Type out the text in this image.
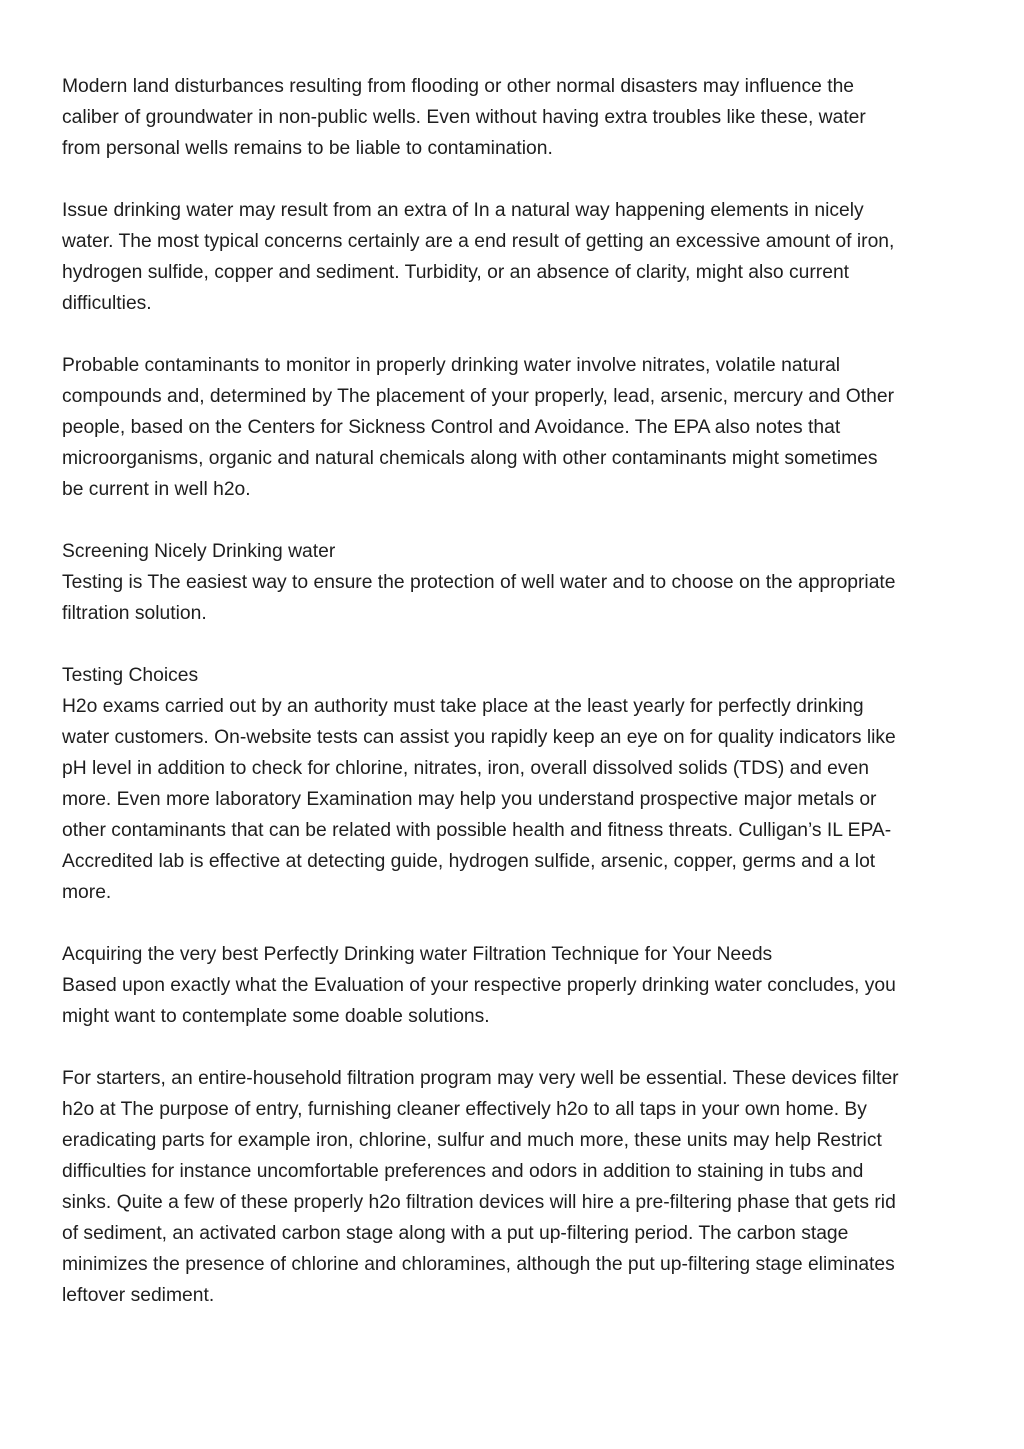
Modern land disturbances resulting from flooding or other normal disasters may influence the
caliber of groundwater in non-public wells. Even without having extra troubles like these, water
from personal wells remains to be liable to contamination.

Issue drinking water may result from an extra of In a natural way happening elements in nicely
water. The most typical concerns certainly are a end result of getting an excessive amount of iron,
hydrogen sulfide, copper and sediment. Turbidity, or an absence of clarity, might also current
difficulties.

Probable contaminants to monitor in properly drinking water involve nitrates, volatile natural
compounds and, determined by The placement of your properly, lead, arsenic, mercury and Other
people, based on the Centers for Sickness Control and Avoidance. The EPA also notes that
microorganisms, organic and natural chemicals along with other contaminants might sometimes
be current in well h2o.

Screening Nicely Drinking water
Testing is The easiest way to ensure the protection of well water and to choose on the appropriate
filtration solution.

Testing Choices
H2o exams carried out by an authority must take place at the least yearly for perfectly drinking
water customers. On-website tests can assist you rapidly keep an eye on for quality indicators like
pH level in addition to check for chlorine, nitrates, iron, overall dissolved solids (TDS) and even
more. Even more laboratory Examination may help you understand prospective major metals or
other contaminants that can be related with possible health and fitness threats. Culligan’s IL EPA-
Accredited lab is effective at detecting guide, hydrogen sulfide, arsenic, copper, germs and a lot
more.

Acquiring the very best Perfectly Drinking water Filtration Technique for Your Needs
Based upon exactly what the Evaluation of your respective properly drinking water concludes, you
might want to contemplate some doable solutions.

For starters, an entire-household filtration program may very well be essential. These devices filter
h2o at The purpose of entry, furnishing cleaner effectively h2o to all taps in your own home. By
eradicating parts for example iron, chlorine, sulfur and much more, these units may help Restrict
difficulties for instance uncomfortable preferences and odors in addition to staining in tubs and
sinks. Quite a few of these properly h2o filtration devices will hire a pre-filtering phase that gets rid
of sediment, an activated carbon stage along with a put up-filtering period. The carbon stage
minimizes the presence of chlorine and chloramines, although the put up-filtering stage eliminates
leftover sediment.
